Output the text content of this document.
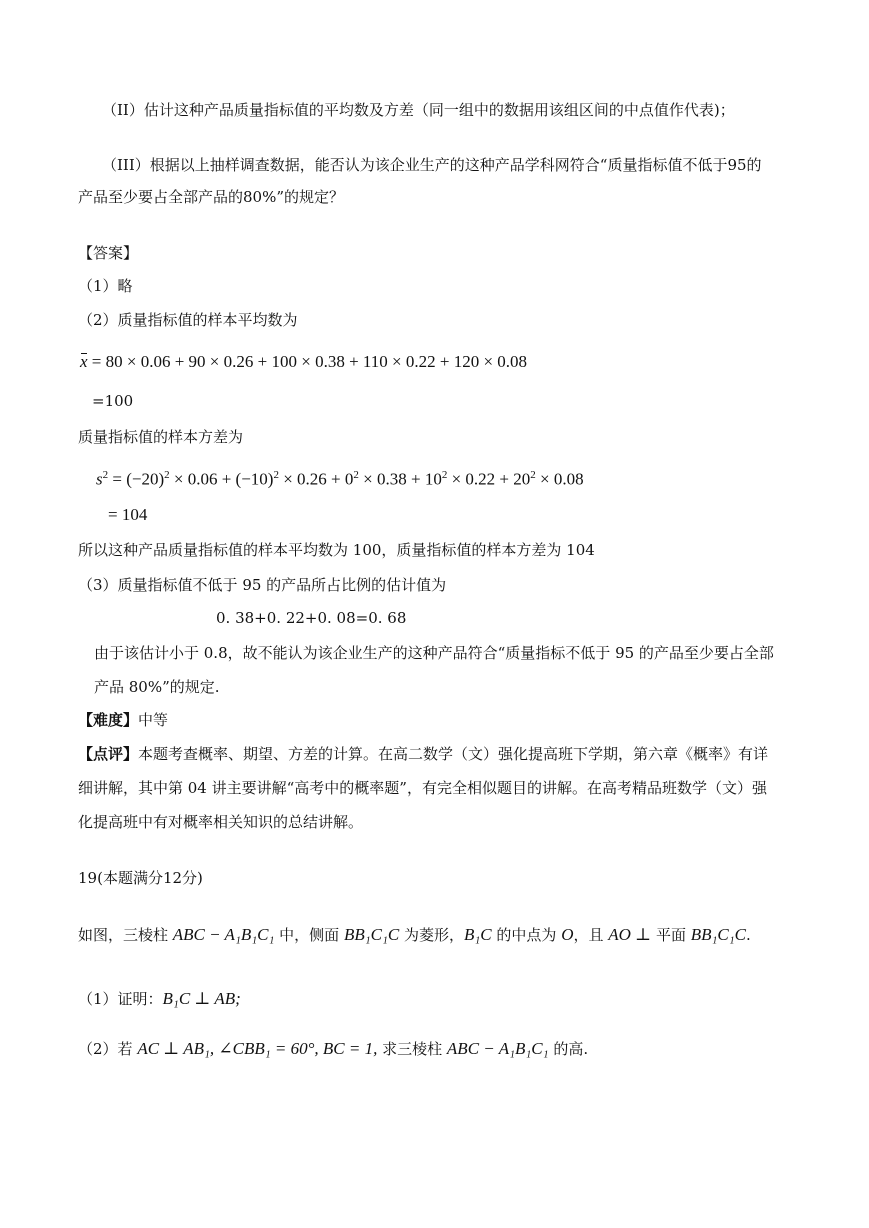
（II）估计这种产品质量指标值的平均数及方差（同一组中的数据用该组区间的中点值作代表)；
（III）根据以上抽样调查数据，能否认为该企业生产的这种产品学科网符合“质量指标值不低于95的
产品至少要占全部产品的80%”的规定？
【答案】
（1）略
（2）质量指标值的样本平均数为
x = 80 × 0.06 + 90 × 0.26 + 100 × 0.38 + 110 × 0.22 + 120 × 0.08
=100
质量指标值的样本方差为
$s^2 = (-20)^2 \times 0.06 + (-10)^2 \times 0.26 + 0^2 \times 0.38 + 10^2 \times 0.22 + 20^2 \times 0.08$
= 104
所以这种产品质量指标值的样本平均数为 100，质量指标值的样本方差为 104
（3）质量指标值不低于 95 的产品所占比例的估计值为
0. 38+0. 22+0. 08=0. 68
由于该估计小于 0.8，故不能认为该企业生产的这种产品符合“质量指标不低于 95 的产品至少要占全部
产品 80%”的规定.
【难度】中等
【点评】本题考查概率、期望、方差的计算。在高二数学（文）强化提高班下学期，第六章《概率》有详
细讲解，其中第 04 讲主要讲解“高考中的概率题”，有完全相似题目的讲解。在高考精品班数学（文）强
化提高班中有对概率相关知识的总结讲解。
19(本题满分12分)
如图，三棱柱 ABC − A₁B₁C₁ 中，侧面 BB₁C₁C 为菱形，B₁C 的中点为 O，且 AO ⊥ 平面 BB₁C₁C.
（1）证明：B₁C ⊥ AB;
（2）若 AC ⊥ AB₁, ∠CBB₁ = 60°, BC = 1, 求三棱柱 ABC − A₁B₁C₁ 的高.
